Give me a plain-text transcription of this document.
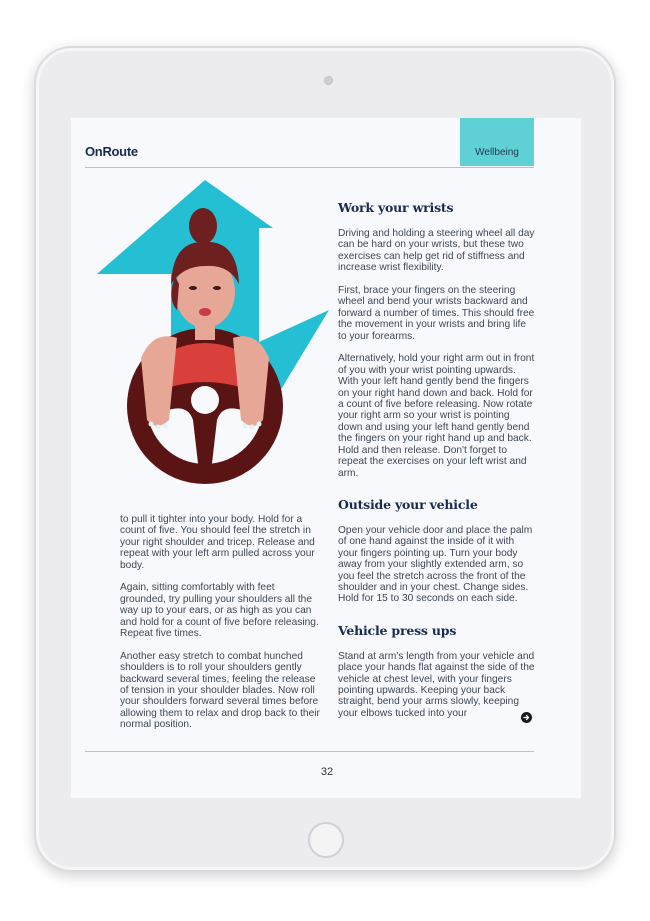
OnRoute	Wellbeing

to pull it tighter into your body. Hold for a count of five. You should feel the stretch in your right shoulder and tricep. Release and repeat with your left arm pulled across your body.

Again, sitting comfortably with feet grounded, try pulling your shoulders all the way up to your ears, or as high as you can and hold for a count of five before releasing. Repeat five times.

Another easy stretch to combat hunched shoulders is to roll your shoulders gently backward several times, feeling the release of tension in your shoulder blades. Now roll your shoulders forward several times before allowing them to relax and drop back to their normal position.

Work your wrists

Driving and holding a steering wheel all day can be hard on your wrists, but these two exercises can help get rid of stiffness and increase wrist flexibility.

First, brace your fingers on the steering wheel and bend your wrists backward and forward a number of times. This should free the movement in your wrists and bring life to your forearms.

Alternatively, hold your right arm out in front of you with your wrist pointing upwards. With your left hand gently bend the fingers on your right hand down and back. Hold for a count of five before releasing. Now rotate your right arm so your wrist is pointing down and using your left hand gently bend the fingers on your right hand up and back. Hold and then release. Don't forget to repeat the exercises on your left wrist and arm.

Outside your vehicle

Open your vehicle door and place the palm of one hand against the inside of it with your fingers pointing up. Turn your body away from your slightly extended arm, so you feel the stretch across the front of the shoulder and in your chest. Change sides. Hold for 15 to 30 seconds on each side.

Vehicle press ups

Stand at arm's length from your vehicle and place your hands flat against the side of the vehicle at chest level, with your fingers pointing upwards. Keeping your back straight, bend your arms slowly, keeping your elbows tucked into your

32
